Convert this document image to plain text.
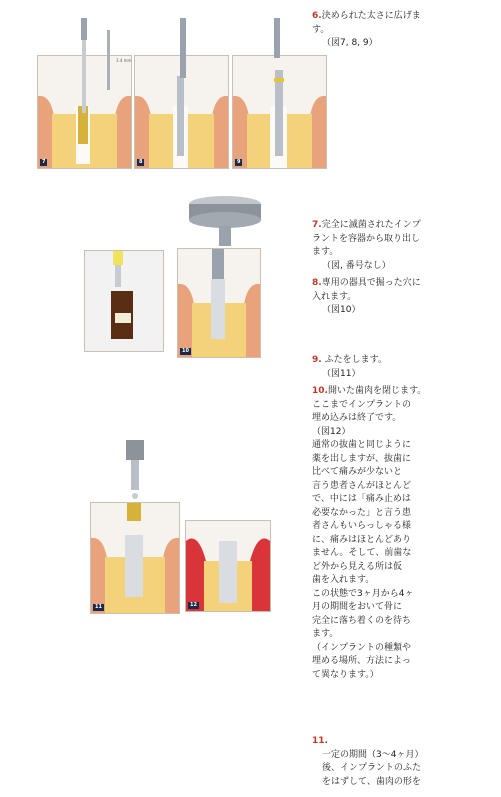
7
3.4 mm
8	9
10
11	12
6.決められた太さに広げま
す。
（図7, 8, 9）
7.完全に滅菌されたインプ
ラントを容器から取り出し
ます。
（図, 番号なし）
8.専用の器具で掘った穴に
入れます。
（図10）
9. ふたをします。
（図11）
10.開いた歯肉を閉じます。
ここまでインプラントの
埋め込みは終了です。
（図12）
通常の抜歯と同じように
薬を出しますが、抜歯に
比べて痛みが少ないと
言う患者さんがほとんど
で、中には「痛み止めは
必要なかった」と言う患
者さんもいらっしゃる様
に、痛みはほとんどあり
ません。そして、前歯な
ど外から見える所は仮
歯を入れます。
この状態で3ヶ月から4ヶ
月の期間をおいて骨に
完全に落ち着くのを待ち
ます。
（インプラントの種類や
埋める場所、方法によっ
て異なります。）
11.
一定の期間（3～4ヶ月）
後、インプラントのふた
をはずして、歯肉の形を
